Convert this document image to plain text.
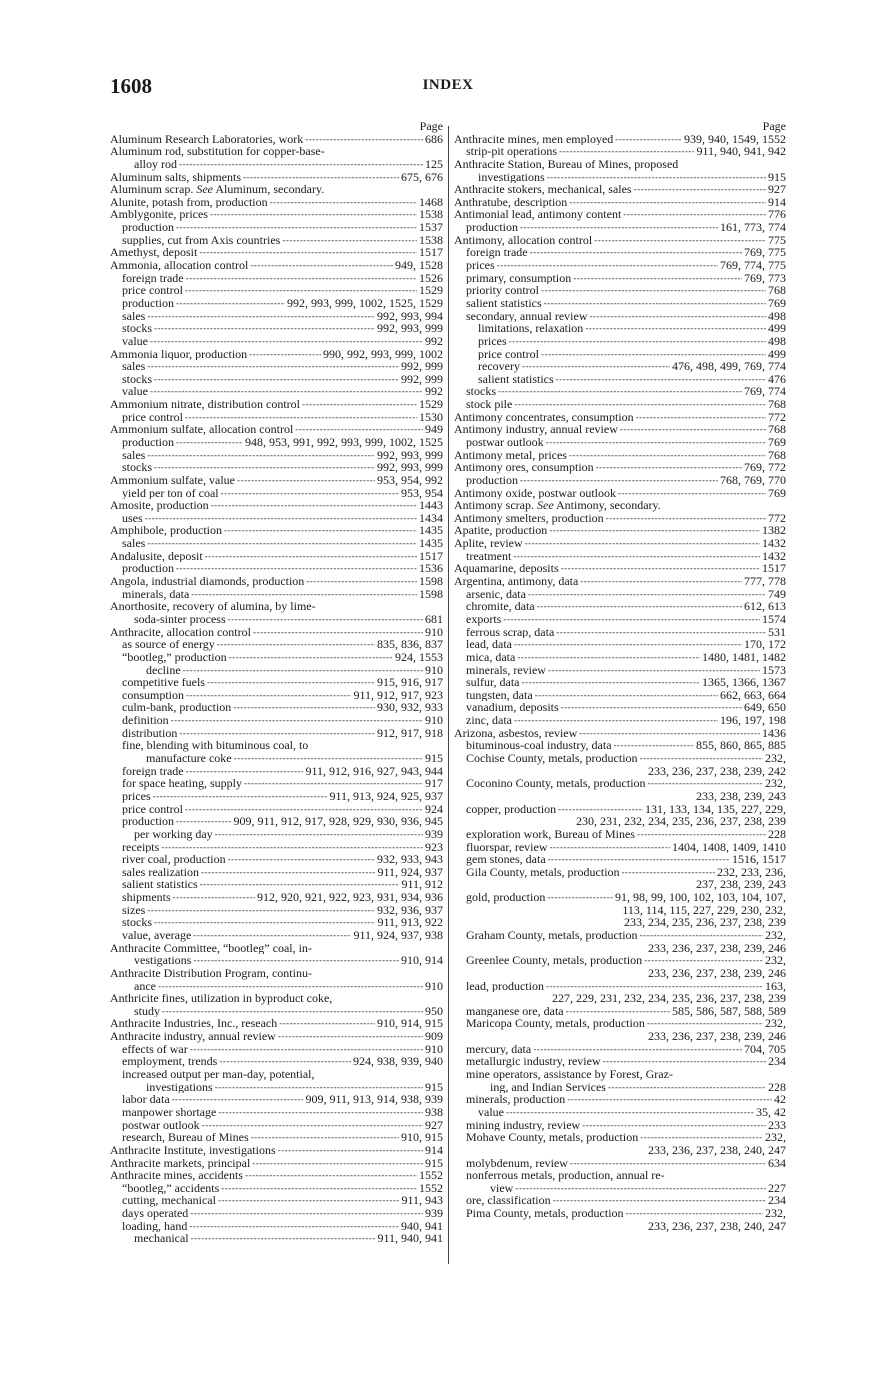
1608	INDEX
Page
Aluminum Research Laboratories, work -----	686
Aluminum rod, substitution for copper-base-
alloy rod -----	125
Aluminum salts, shipments -----	675, 676
Aluminum scrap. See Aluminum, secondary.
Alunite, potash from, production -----	1468
Amblygonite, prices -----	1538
production -----	1537
supplies, cut from Axis countries -----	1538
Amethyst, deposit -----	1517
Ammonia, allocation control -----	949, 1528
foreign trade -----	1526
price control -----	1529
production -----	992, 993, 999, 1002, 1525, 1529
sales -----	992, 993, 994
stocks -----	992, 993, 999
value -----	992
Ammonia liquor, production -----	990, 992, 993, 999, 1002
sales -----	992, 999
stocks -----	992, 999
value -----	992
Ammonium nitrate, distribution control -----	1529
price control -----	1530
Ammonium sulfate, allocation control -----	949
production -----	948, 953, 991, 992, 993, 999, 1002, 1525
sales -----	992, 993, 999
stocks -----	992, 993, 999
Ammonium sulfate, value -----	953, 954, 992
yield per ton of coal -----	953, 954
Amosite, production -----	1443
uses -----	1434
Amphibole, production -----	1435
sales -----	1435
Andalusite, deposit -----	1517
production -----	1536
Angola, industrial diamonds, production -----	1598
minerals, data -----	1598
Anorthosite, recovery of alumina, by lime-
soda-sinter process -----	681
Anthracite, allocation control -----	910
as source of energy -----	835, 836, 837
“bootleg,” production -----	924, 1553
decline -----	910
competitive fuels -----	915, 916, 917
consumption -----	911, 912, 917, 923
culm-bank, production -----	930, 932, 933
definition -----	910
distribution -----	912, 917, 918
fine, blending with bituminous coal, to
manufacture coke -----	915
foreign trade -----	911, 912, 916, 927, 943, 944
for space heating, supply -----	917
prices -----	911, 913, 924, 925, 937
price control -----	924
production -----	909, 911, 912, 917, 928, 929, 930, 936, 945
per working day -----	939
receipts -----	923
river coal, production -----	932, 933, 943
sales realization -----	911, 924, 937
salient statistics -----	911, 912
shipments -----	912, 920, 921, 922, 923, 931, 934, 936
sizes -----	932, 936, 937
stocks -----	911, 913, 922
value, average -----	911, 924, 937, 938
Anthracite Committee, “bootleg” coal, in-
vestigations -----	910, 914
Anthracite Distribution Program, continu-
ance -----	910
Anthricite fines, utilization in byproduct coke,
study -----	950
Anthracite Industries, Inc., reseach -----	910, 914, 915
Anthracite industry, annual review -----	909
effects of war -----	910
employment, trends -----	924, 938, 939, 940
increased output per man-day, potential,
investigations -----	915
labor data -----	909, 911, 913, 914, 938, 939
manpower shortage -----	938
postwar outlook -----	927
research, Bureau of Mines -----	910, 915
Anthracite Institute, investigations -----	914
Anthracite markets, principal -----	915
Anthracite mines, accidents -----	1552
“bootleg,” accidents -----	1552
cutting, mechanical -----	911, 943
days operated -----	939
loading, hand -----	940, 941
mechanical -----	911, 940, 941
Page
Anthracite mines, men employed -----	939, 940, 1549, 1552
strip-pit operations -----	911, 940, 941, 942
Anthracite Station, Bureau of Mines, proposed
investigations -----	915
Anthracite stokers, mechanical, sales -----	927
Anthratube, description -----	914
Antimonial lead, antimony content -----	776
production -----	161, 773, 774
Antimony, allocation control -----	775
foreign trade -----	769, 775
prices -----	769, 774, 775
primary, consumption -----	769, 773
priority control -----	768
salient statistics -----	769
secondary, annual review -----	498
limitations, relaxation -----	499
prices -----	498
price control -----	499
recovery -----	476, 498, 499, 769, 774
salient statistics -----	476
stocks -----	769, 774
stock pile -----	768
Antimony concentrates, consumption -----	772
Antimony industry, annual review -----	768
postwar outlook -----	769
Antimony metal, prices -----	768
Antimony ores, consumption -----	769, 772
production -----	768, 769, 770
Antimony oxide, postwar outlook -----	769
Antimony scrap. See Antimony, secondary.
Antimony smelters, production -----	772
Apatite, production -----	1382
Aplite, review -----	1432
treatment -----	1432
Aquamarine, deposits -----	1517
Argentina, antimony, data -----	777, 778
arsenic, data -----	749
chromite, data -----	612, 613
exports -----	1574
ferrous scrap, data -----	531
lead, data -----	170, 172
mica, data -----	1480, 1481, 1482
minerals, review -----	1573
sulfur, data -----	1365, 1366, 1367
tungsten, data -----	662, 663, 664
vanadium, deposits -----	649, 650
zinc, data -----	196, 197, 198
Arizona, asbestos, review -----	1436
bituminous-coal industry, data -----	855, 860, 865, 885
Cochise County, metals, production -----	232,
233, 236, 237, 238, 239, 242
Coconino County, metals, production -----	232,
233, 238, 239, 243
copper, production -----	131, 133, 134, 135, 227, 229,
230, 231, 232, 234, 235, 236, 237, 238, 239
exploration work, Bureau of Mines -----	228
fluorspar, review -----	1404, 1408, 1409, 1410
gem stones, data -----	1516, 1517
Gila County, metals, production -----	232, 233, 236,
237, 238, 239, 243
gold, production -----	91, 98, 99, 100, 102, 103, 104, 107,
113, 114, 115, 227, 229, 230, 232,
233, 234, 235, 236, 237, 238, 239
Graham County, metals, production -----	232,
233, 236, 237, 238, 239, 246
Greenlee County, metals, production -----	232,
233, 236, 237, 238, 239, 246
lead, production -----	163,
227, 229, 231, 232, 234, 235, 236, 237, 238, 239
manganese ore, data -----	585, 586, 587, 588, 589
Maricopa County, metals, production -----	232,
233, 236, 237, 238, 239, 246
mercury, data -----	704, 705
metallurgic industry, review -----	234
mine operators, assistance by Forest, Graz-
ing, and Indian Services -----	228
minerals, production -----	42
value -----	35, 42
mining industry, review -----	233
Mohave County, metals, production -----	232,
233, 236, 237, 238, 240, 247
molybdenum, review -----	634
nonferrous metals, production, annual re-
view -----	227
ore, classification -----	234
Pima County, metals, production -----	232,
233, 236, 237, 238, 240, 247
